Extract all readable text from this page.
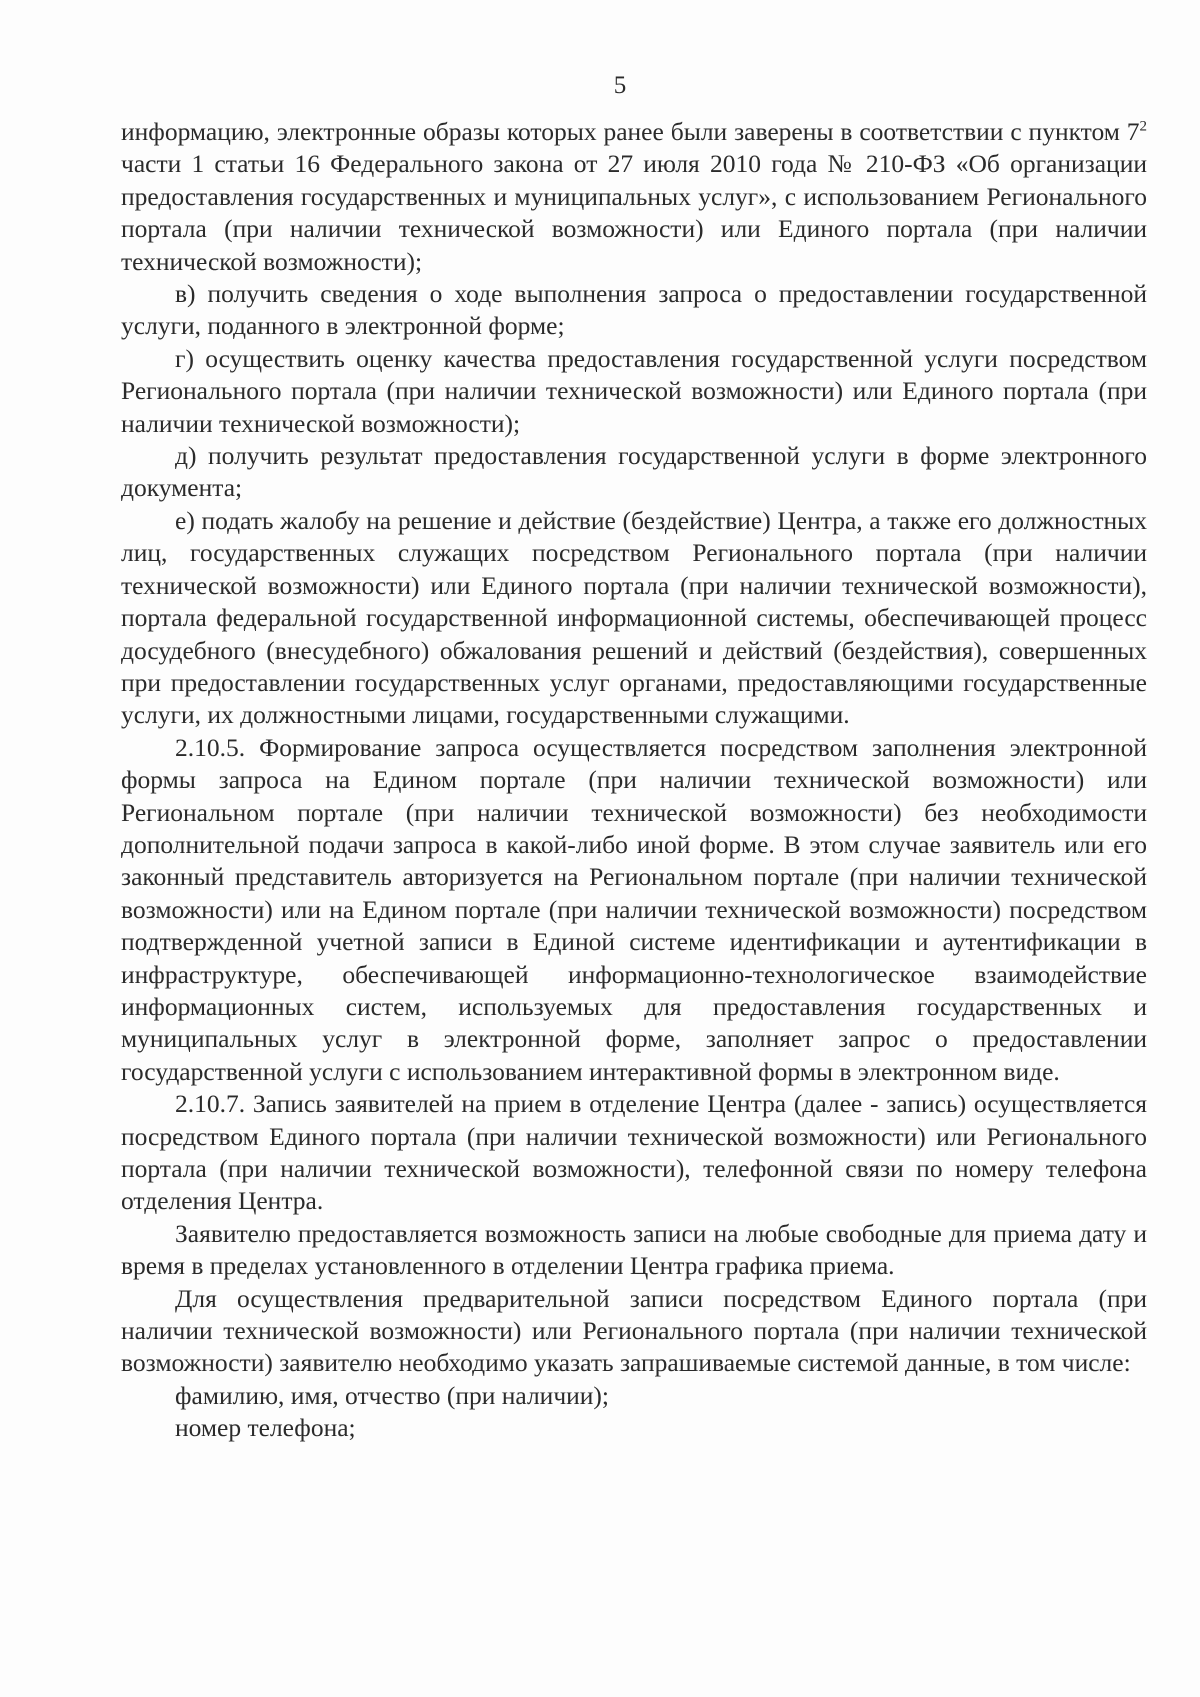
5

информацию, электронные образы которых ранее были заверены в соответствии с пунктом $7^2$ части 1 статьи 16 Федерального закона от 27 июля 2010 года № 210-ФЗ «Об организации предоставления государственных и муниципальных услуг», с использованием Регионального портала (при наличии технической возможности) или Единого портала (при наличии технической возможности);

в) получить сведения о ходе выполнения запроса о предоставлении государственной услуги, поданного в электронной форме;

г) осуществить оценку качества предоставления государственной услуги посредством Регионального портала (при наличии технической возможности) или Единого портала (при наличии технической возможности);

д) получить результат предоставления государственной услуги в форме электронного документа;

е) подать жалобу на решение и действие (бездействие) Центра, а также его должностных лиц, государственных служащих посредством Регионального портала (при наличии технической возможности) или Единого портала (при наличии технической возможности), портала федеральной государственной информационной системы, обеспечивающей процесс досудебного (внесудебного) обжалования решений и действий (бездействия), совершенных при предоставлении государственных услуг органами, предоставляющими государственные услуги, их должностными лицами, государственными служащими.

2.10.5. Формирование запроса осуществляется посредством заполнения электронной формы запроса на Едином портале (при наличии технической возможности) или Региональном портале (при наличии технической возможности) без необходимости дополнительной подачи запроса в какой-либо иной форме. В этом случае заявитель или его законный представитель авторизуется на Региональном портале (при наличии технической возможности) или на Едином портале (при наличии технической возможности) посредством подтвержденной учетной записи в Единой системе идентификации и аутентификации в инфраструктуре, обеспечивающей информационно-технологическое взаимодействие информационных систем, используемых для предоставления государственных и муниципальных услуг в электронной форме, заполняет запрос о предоставлении государственной услуги с использованием интерактивной формы в электронном виде.

2.10.7. Запись заявителей на прием в отделение Центра (далее - запись) осуществляется посредством Единого портала (при наличии технической возможности) или Регионального портала (при наличии технической возможности), телефонной связи по номеру телефона отделения Центра.

Заявителю предоставляется возможность записи на любые свободные для приема дату и время в пределах установленного в отделении Центра графика приема.

Для осуществления предварительной записи посредством Единого портала (при наличии технической возможности) или Регионального портала (при наличии технической возможности) заявителю необходимо указать запрашиваемые системой данные, в том числе:

фамилию, имя, отчество (при наличии);

номер телефона;
